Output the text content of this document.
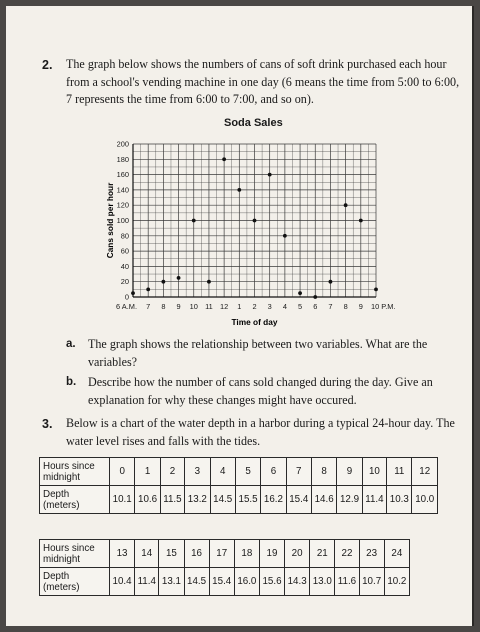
2. The graph below shows the numbers of cans of soft drink purchased each hour
from a school's vending machine in one day (6 means the time from 5:00 to 6:00,
7 represents the time from 6:00 to 7:00, and so on).
Soda Sales
0
20
40
60
80
100
120
140
160
180
200
6 A.M. 7 8 9 10 11 12 1 2 3 4 5 6 7 8 9 10 P.M.
Cans sold per hour
Time of day
a. The graph shows the relationship between two variables. What are the
variables?
b. Describe how the number of cans sold changed during the day. Give an
explanation for why these changes might have occured.
3. Below is a chart of the water depth in a harbor during a typical 24-hour day. The
water level rises and falls with the tides.
Hours since
midnight	0	1	2	3	4	5	6	7	8	9	10	11	12

Depth
(meters)	10.1	10.6	11.5	13.2	14.5	15.5	16.2	15.4	14.6	12.9	11.4	10.3	10.0
Hours since
midnight	13	14	15	16	17	18	19	20	21	22	23	24

Depth
(meters)	10.4	11.4	13.1	14.5	15.4	16.0	15.6	14.3	13.0	11.6	10.7	10.2
